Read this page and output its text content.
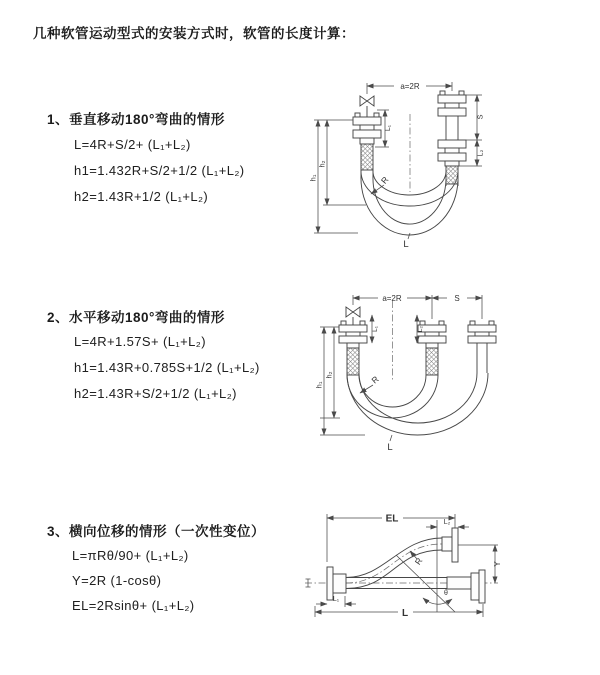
几种软管运动型式的安装方式时，软管的长度计算：
1、垂直移动180°弯曲的情形
L=4R+S/2+ (L₁+L₂)
h1=1.432R+S/2+1/2 (L₁+L₂)
h2=1.43R+1/2 (L₁+L₂)
2、水平移动180°弯曲的情形
L=4R+1.57S+ (L₁+L₂)
h1=1.43R+0.785S+1/2 (L₁+L₂)
h2=1.43R+S/2+1/2 (L₁+L₂)
3、横向位移的情形（一次性变位）
L=πRθ/90+ (L₁+L₂)
Y=2R (1-cosθ)
EL=2Rsinθ+ (L₁+L₂)
a=2R
h₁
h₂
L₁
S
L₂
R
L
a=2R	S
h₁
h₂
L₁	L₂
R
L
EL	L₂
R	Y
θ
L₁
L
